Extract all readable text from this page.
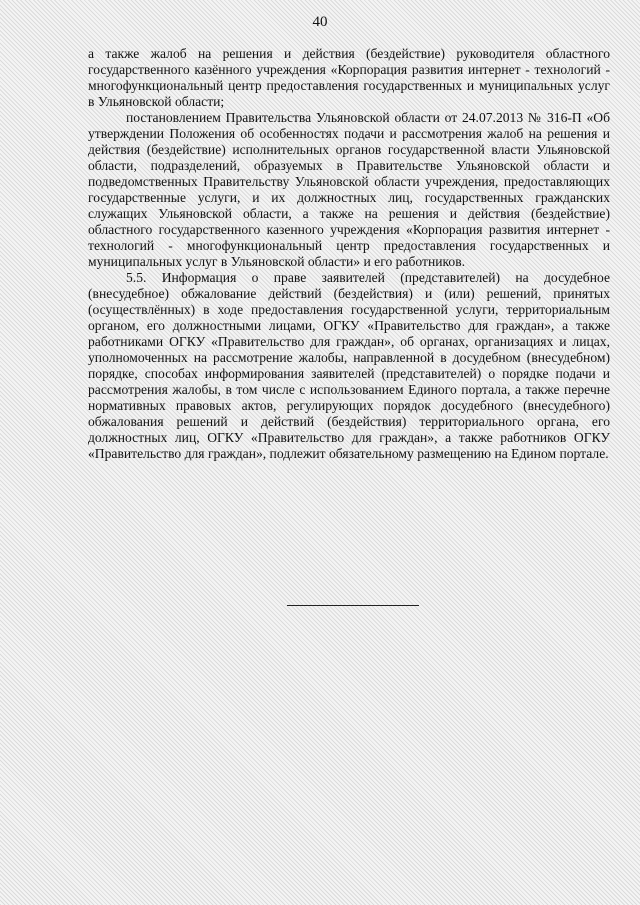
40

а также жалоб на решения и действия (бездействие) руководителя областного государственного казённого учреждения «Корпорация развития интернет - технологий - многофункциональный центр предоставления государственных и муниципальных услуг в Ульяновской области;

постановлением Правительства Ульяновской области от 24.07.2013 № 316-П «Об утверждении Положения об особенностях подачи и рассмотрения жалоб на решения и действия (бездействие) исполнительных органов государственной власти Ульяновской области, подразделений, образуемых в Правительстве Ульяновской области и подведомственных Правительству Ульяновской области учреждения, предоставляющих государственные услуги, и их должностных лиц, государственных гражданских служащих Ульяновской области, а также на решения и действия (бездействие) областного государственного казенного учреждения «Корпорация развития интернет - технологий - многофункциональный центр предоставления государственных и муниципальных услуг в Ульяновской области» и его работников.

5.5. Информация о праве заявителей (представителей) на досудебное (внесудебное) обжалование действий (бездействия) и (или) решений, принятых (осуществлённых) в ходе предоставления государственной услуги, территориальным органом, его должностными лицами, ОГКУ «Правительство для граждан», а также работниками ОГКУ «Правительство для граждан», об органах, организациях и лицах, уполномоченных на рассмотрение жалобы, направленной в досудебном (внесудебном) порядке, способах информирования заявителей (представителей) о порядке подачи и рассмотрения жалобы, в том числе с использованием Единого портала, а также перечне нормативных правовых актов, регулирующих порядок досудебного (внесудебного) обжалования решений и действий (бездействия) территориального органа, его должностных лиц, ОГКУ «Правительство для граждан», а также работников ОГКУ «Правительство для граждан», подлежит обязательному размещению на Едином портале.
